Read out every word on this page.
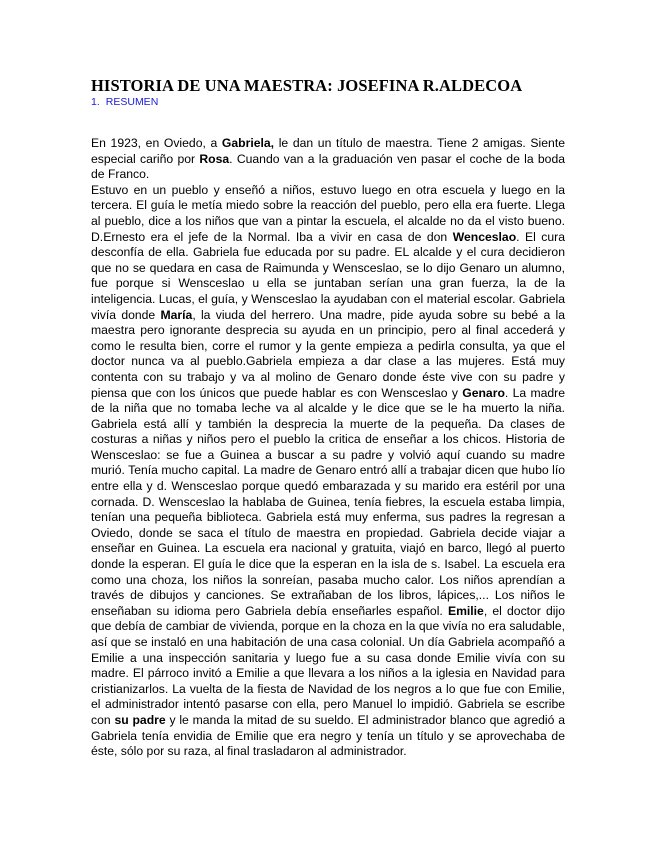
HISTORIA DE UNA MAESTRA: JOSEFINA R.ALDECOA
1. RESUMEN

En 1923, en Oviedo, a Gabriela, le dan un título de maestra. Tiene 2 amigas. Siente especial cariño por Rosa. Cuando van a la graduación ven pasar el coche de la boda de Franco.

Estuvo en un pueblo y enseñó a niños, estuvo luego en otra escuela y luego en la tercera. El guía le metía miedo sobre la reacción del pueblo, pero ella era fuerte. Llega al pueblo, dice a los niños que van a pintar la escuela, el alcalde no da el visto bueno. D.Ernesto era el jefe de la Normal. Iba a vivir en casa de don Wenceslao. El cura desconfía de ella. Gabriela fue educada por su padre. EL alcalde y el cura decidieron que no se quedara en casa de Raimunda y Wensceslao, se lo dijo Genaro un alumno, fue porque si Wensceslao u ella se juntaban serían una gran fuerza, la de la inteligencia. Lucas, el guía, y Wensceslao la ayudaban con el material escolar. Gabriela vivía donde María, la viuda del herrero. Una madre, pide ayuda sobre su bebé a la maestra pero ignorante desprecia su ayuda en un principio, pero al final accederá y como le resulta bien, corre el rumor y la gente empieza a pedirla consulta, ya que el doctor nunca va al pueblo.Gabriela empieza a dar clase a las mujeres. Está muy contenta con su trabajo y va al molino de Genaro donde éste vive con su padre y piensa que con los únicos que puede hablar es con Wensceslao y Genaro. La madre de la niña que no tomaba leche va al alcalde y le dice que se le ha muerto la niña. Gabriela está allí y también la desprecia la muerte de la pequeña. Da clases de costuras a niñas y niños pero el pueblo la critica de enseñar a los chicos. Historia de Wensceslao: se fue a Guinea a buscar a su padre y volvió aquí cuando su madre murió. Tenía mucho capital. La madre de Genaro entró allí a trabajar dicen que hubo lío entre ella y d. Wensceslao porque quedó embarazada y su marido era estéril por una cornada. D. Wensceslao la hablaba de Guinea, tenía fiebres, la escuela estaba limpia, tenían una pequeña biblioteca. Gabriela está muy enferma, sus padres la regresan a Oviedo, donde se saca el título de maestra en propiedad. Gabriela decide viajar a enseñar en Guinea. La escuela era nacional y gratuita, viajó en barco, llegó al puerto donde la esperan. El guía le dice que la esperan en la isla de s. Isabel. La escuela era como una choza, los niños la sonreían, pasaba mucho calor. Los niños aprendían a través de dibujos y canciones. Se extrañaban de los libros, lápices,... Los niños le enseñaban su idioma pero Gabriela debía enseñarles español. Emilie, el doctor dijo que debía de cambiar de vivienda, porque en la choza en la que vivía no era saludable, así que se instaló en una habitación de una casa colonial. Un día Gabriela acompañó a Emilie a una inspección sanitaria y luego fue a su casa donde Emilie vivía con su madre. El párroco invitó a Emilie a que llevara a los niños a la iglesia en Navidad para cristianizarlos. La vuelta de la fiesta de Navidad de los negros a lo que fue con Emilie, el administrador intentó pasarse con ella, pero Manuel lo impidió. Gabriela se escribe con su padre y le manda la mitad de su sueldo. El administrador blanco que agredió a Gabriela tenía envidia de Emilie que era negro y tenía un título y se aprovechaba de éste, sólo por su raza, al final trasladaron al administrador.
